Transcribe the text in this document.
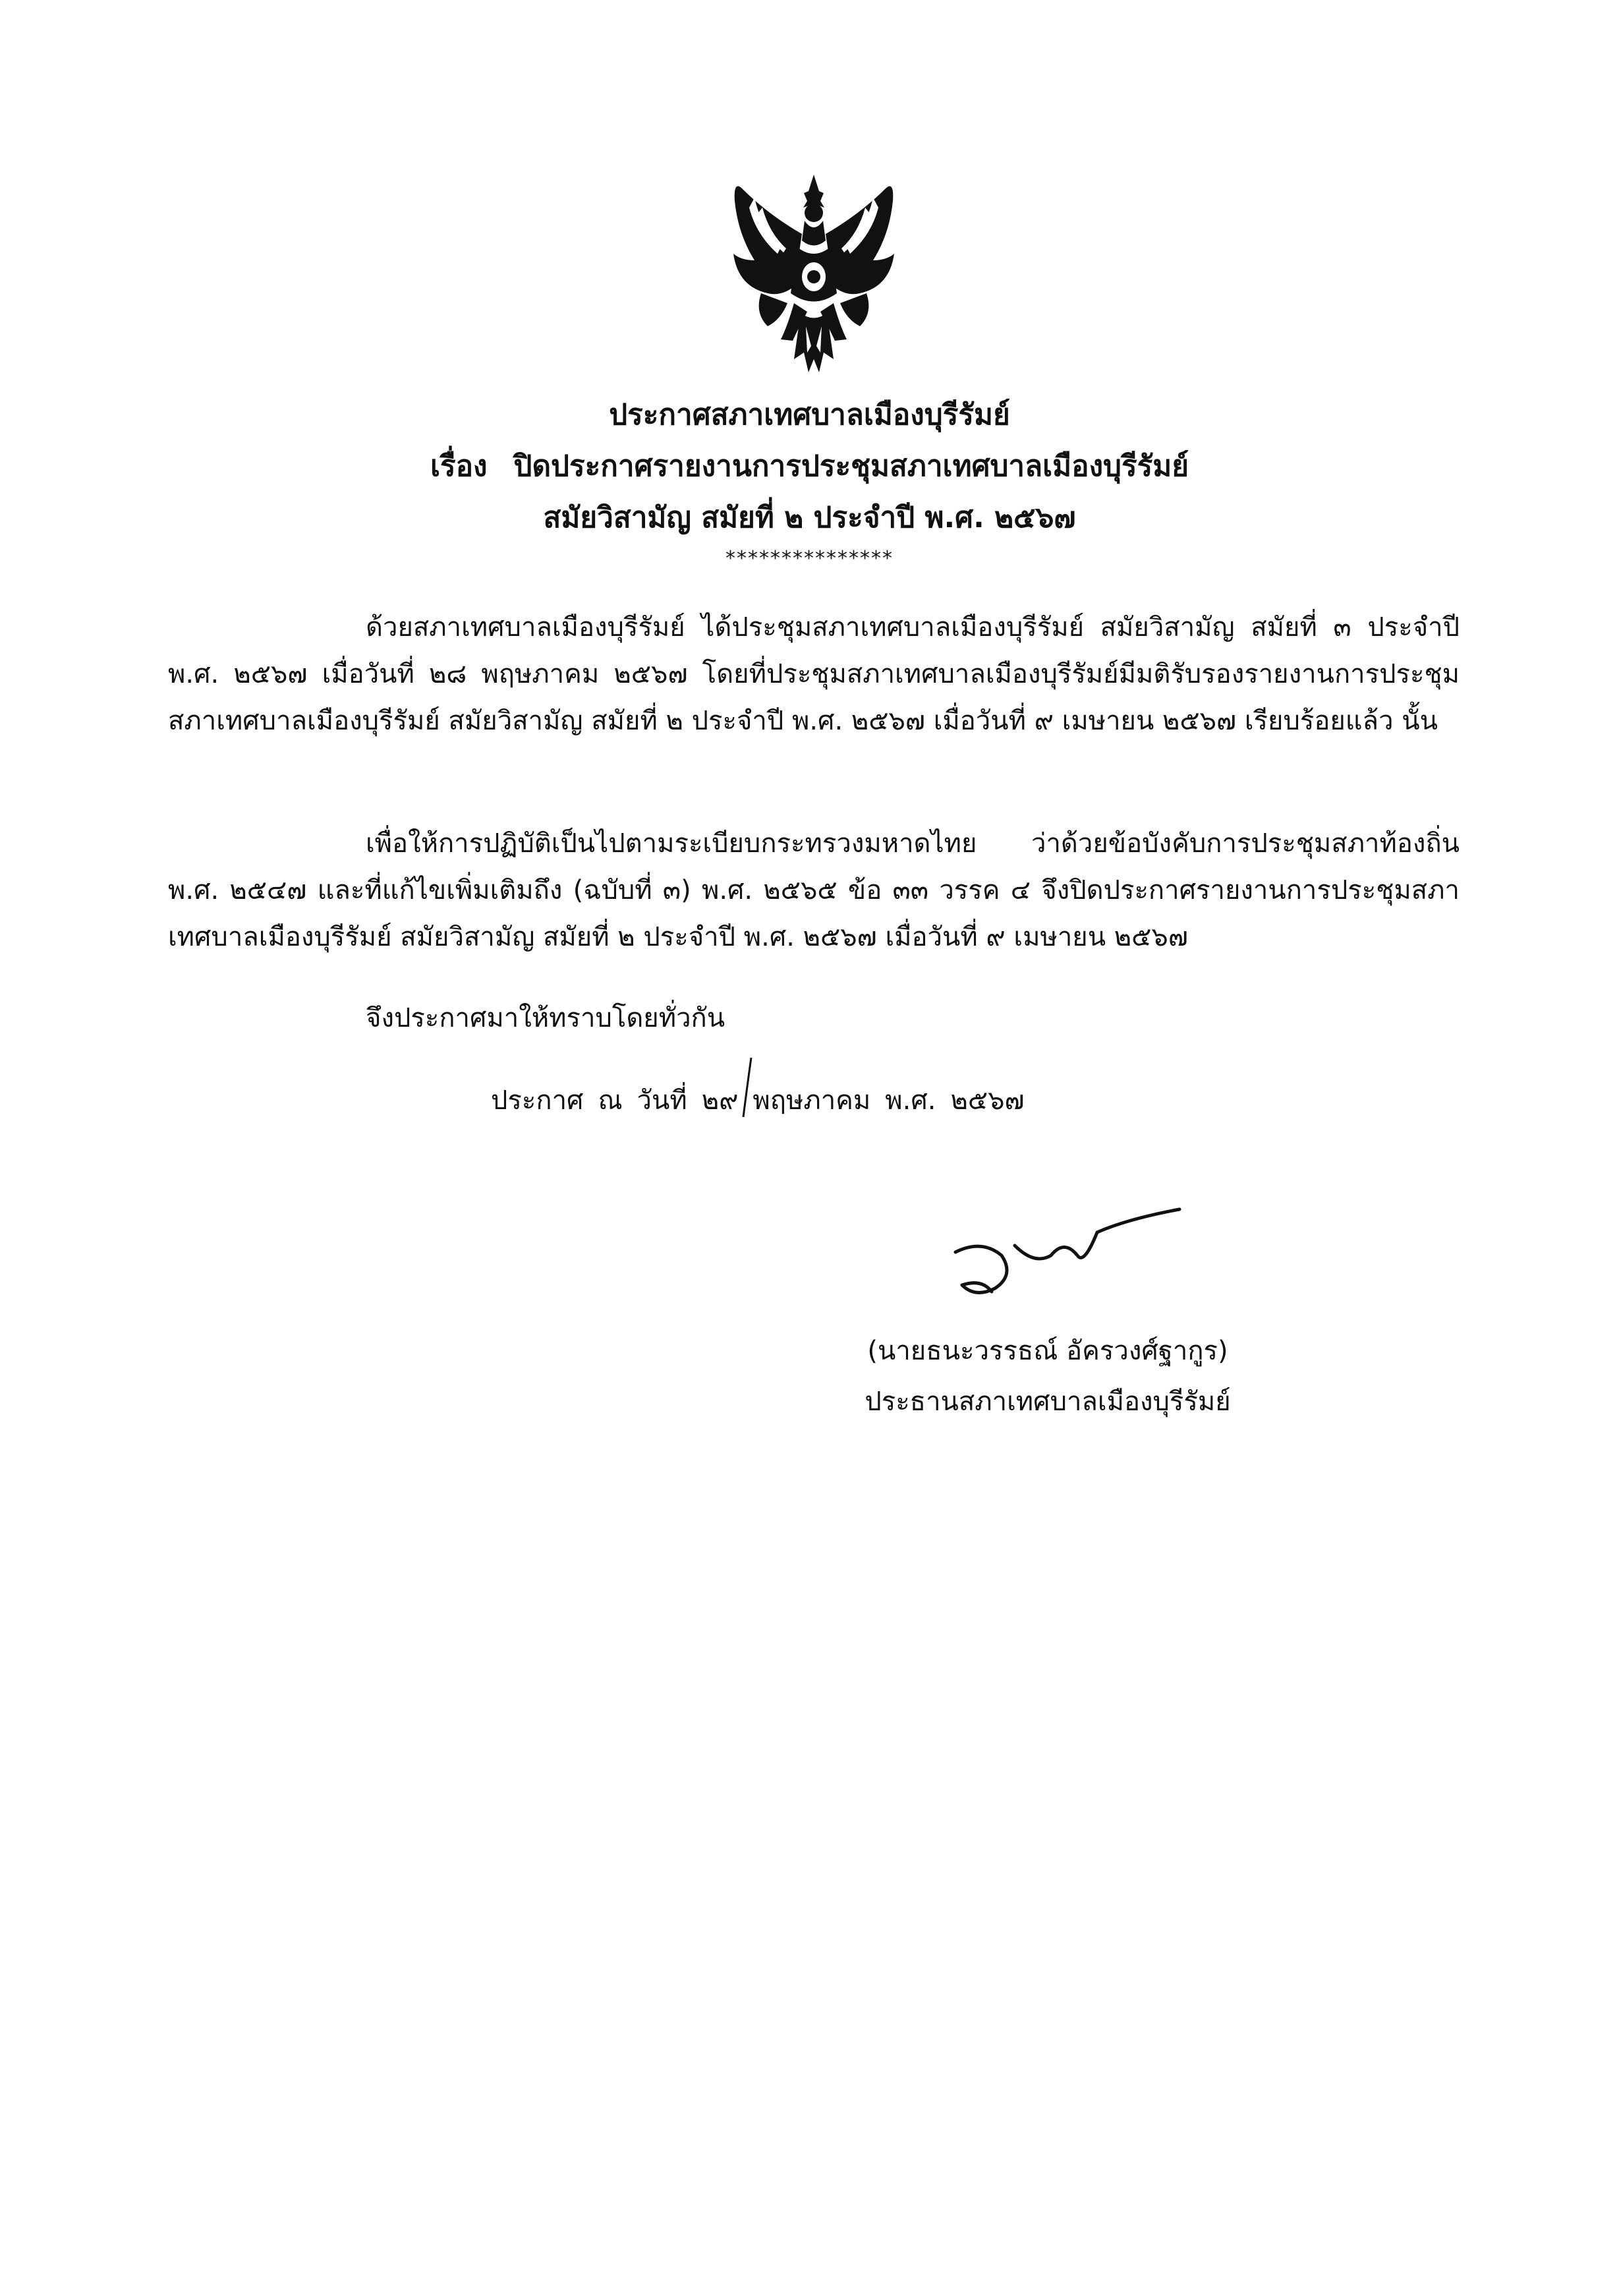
ประกาศสภาเทศบาลเมืองบุรีรัมย์
เรื่อง ปิดประกาศรายงานการประชุมสภาเทศบาลเมืองบุรีรัมย์
สมัยวิสามัญ สมัยที่ ๒ ประจำปี พ.ศ. ๒๕๖๗
***************
ด้วยสภาเทศบาลเมืองบุรีรัมย์ ได้ประชุมสภาเทศบาลเมืองบุรีรัมย์ สมัยวิสามัญ สมัยที่ ๓ ประจำปี พ.ศ. ๒๕๖๗ เมื่อวันที่ ๒๘ พฤษภาคม ๒๕๖๗ โดยที่ประชุมสภาเทศบาลเมืองบุรีรัมย์มีมติรับรองรายงานการประชุมสภาเทศบาลเมืองบุรีรัมย์ สมัยวิสามัญ สมัยที่ ๒ ประจำปี พ.ศ. ๒๕๖๗ เมื่อวันที่ ๙ เมษายน ๒๕๖๗ เรียบร้อยแล้ว นั้น
เพื่อให้การปฏิบัติเป็นไปตามระเบียบกระทรวงมหาดไทย ว่าด้วยข้อบังคับการประชุมสภาท้องถิ่น พ.ศ. ๒๕๔๗ และที่แก้ไขเพิ่มเติมถึง (ฉบับที่ ๓) พ.ศ. ๒๕๖๕ ข้อ ๓๓ วรรค ๔ จึงปิดประกาศรายงานการประชุมสภาเทศบาลเมืองบุรีรัมย์ สมัยวิสามัญ สมัยที่ ๒ ประจำปี พ.ศ. ๒๕๖๗ เมื่อวันที่ ๙ เมษายน ๒๕๖๗
จึงประกาศมาให้ทราบโดยทั่วกัน
ประกาศ ณ วันที่ ๒๙ พฤษภาคม พ.ศ. ๒๕๖๗
(นายธนะวรรธณ์ อัครวงศ์ฐากูร)
ประธานสภาเทศบาลเมืองบุรีรัมย์
